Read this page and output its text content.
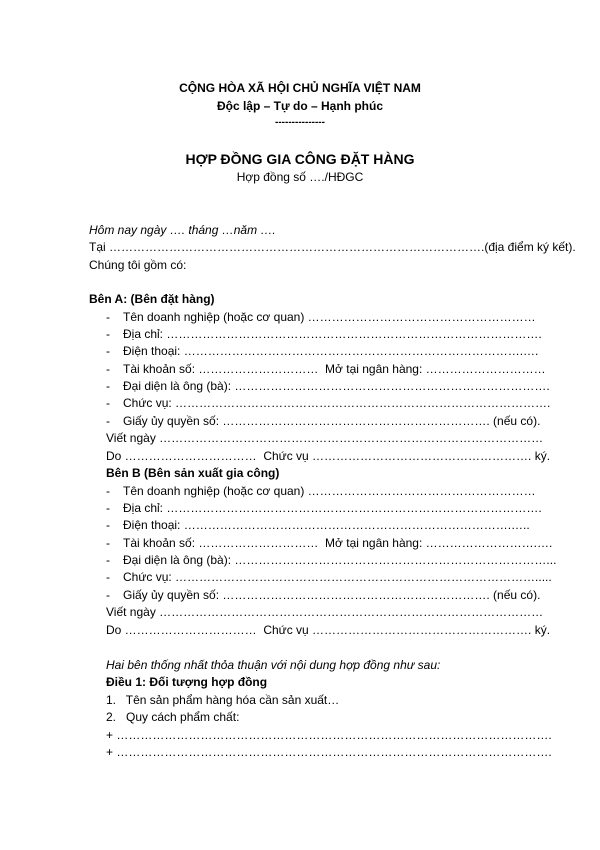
CỘNG HÒA XÃ HỘI CHỦ NGHĨA VIỆT NAM
Độc lập – Tự do – Hạnh phúc
---------------
HỢP ĐỒNG GIA CÔNG ĐẶT HÀNG
Hợp đồng số …./HĐGC
Hôm nay ngày …. tháng …năm ….
Tại ………………………………………………………………………………….(địa điểm ký kết).
Chúng tôi gồm có:
Bên A: (Bên đặt hàng)
- Tên doanh nghiệp (hoặc cơ quan) …………………………………………………
- Địa chỉ: ………………………………………………………………………………….
- Điện thoại: ………………………………………………………………………….….
- Tài khoản số: …………………………  Mở tại ngân hàng: …………………………
- Đại diện là ông (bà): …………………………………………………………………….
- Chức vụ: ………………………………………………………………………………….
- Giấy ủy quyền số: …………………………………………………………. (nếu có).
Viết ngày ……………………………………………………………………………………
Do ……………………………  Chức vụ ………………………………………………. ký.
Bên B (Bên sản xuất gia công)
- Tên doanh nghiệp (hoặc cơ quan) …………………………………………………
- Địa chỉ: ………………………………………………………………………………….
- Điện thoại: ……………………………………………………………………….…..
- Tài khoản số: …………………………  Mở tại ngân hàng: ……………………….….
- Đại diện là ông (bà): ……………………………………………………………………...
- Chức vụ: ……………………………………………………………………………….....
- Giấy ủy quyền số: …………………………………………………………. (nếu có).
Viết ngày ……………………………………………………………………………………
Do ……………………………  Chức vụ ………………………………………………. ký.
Hai bên thống nhất thỏa thuận với nội dung hợp đồng như sau:
Điều 1: Đối tượng hợp đồng
1.   Tên sản phẩm hàng hóa cần sản xuất…
2.   Quy cách phẩm chất:
+ ……………………………………………………………………………………………….
+ ……………………………………………………………………………………………….
